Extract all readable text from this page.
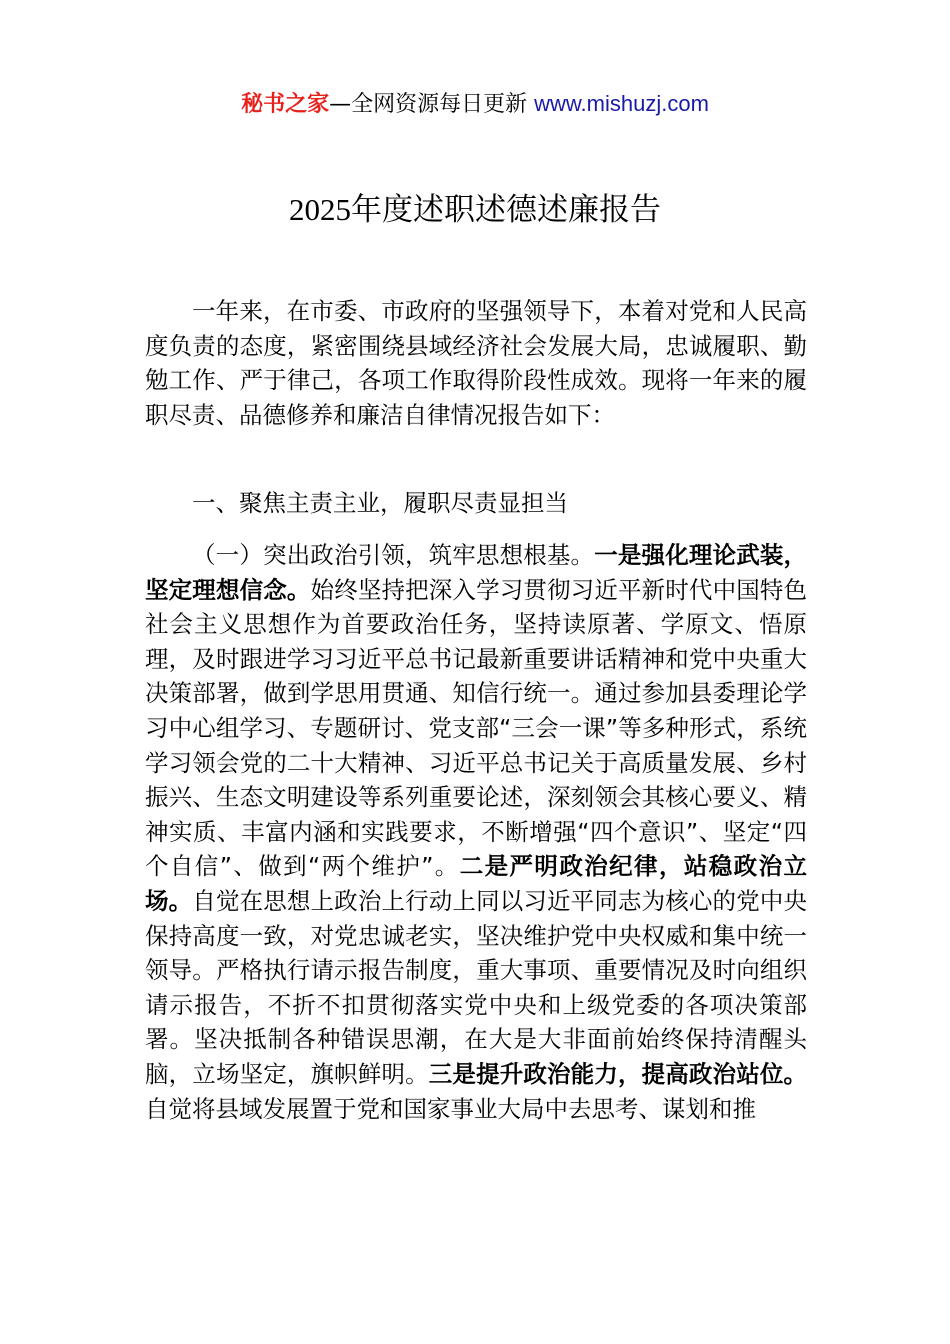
秘书之家—全网资源每日更新 www.mishuzj.com
2025年度述职述德述廉报告

一年来，在市委、市政府的坚强领导下，本着对党和人民高度负责的态度，紧密围绕县域经济社会发展大局，忠诚履职、勤勉工作、严于律己，各项工作取得阶段性成效。现将一年来的履职尽责、品德修养和廉洁自律情况报告如下：

一、聚焦主责主业，履职尽责显担当

（一）突出政治引领，筑牢思想根基。一是强化理论武装，坚定理想信念。始终坚持把深入学习贯彻习近平新时代中国特色社会主义思想作为首要政治任务，坚持读原著、学原文、悟原理，及时跟进学习习近平总书记最新重要讲话精神和党中央重大决策部署，做到学思用贯通、知信行统一。通过参加县委理论学习中心组学习、专题研讨、党支部“三会一课”等多种形式，系统学习领会党的二十大精神、习近平总书记关于高质量发展、乡村振兴、生态文明建设等系列重要论述，深刻领会其核心要义、精神实质、丰富内涵和实践要求，不断增强“四个意识”、坚定“四个自信”、做到“两个维护”。二是严明政治纪律，站稳政治立场。自觉在思想上政治上行动上同以习近平同志为核心的党中央保持高度一致，对党忠诚老实，坚决维护党中央权威和集中统一领导。严格执行请示报告制度，重大事项、重要情况及时向组织请示报告，不折不扣贯彻落实党中央和上级党委的各项决策部署。坚决抵制各种错误思潮，在大是大非面前始终保持清醒头脑，立场坚定，旗帜鲜明。三是提升政治能力，提高政治站位。自觉将县域发展置于党和国家事业大局中去思考、谋划和推
